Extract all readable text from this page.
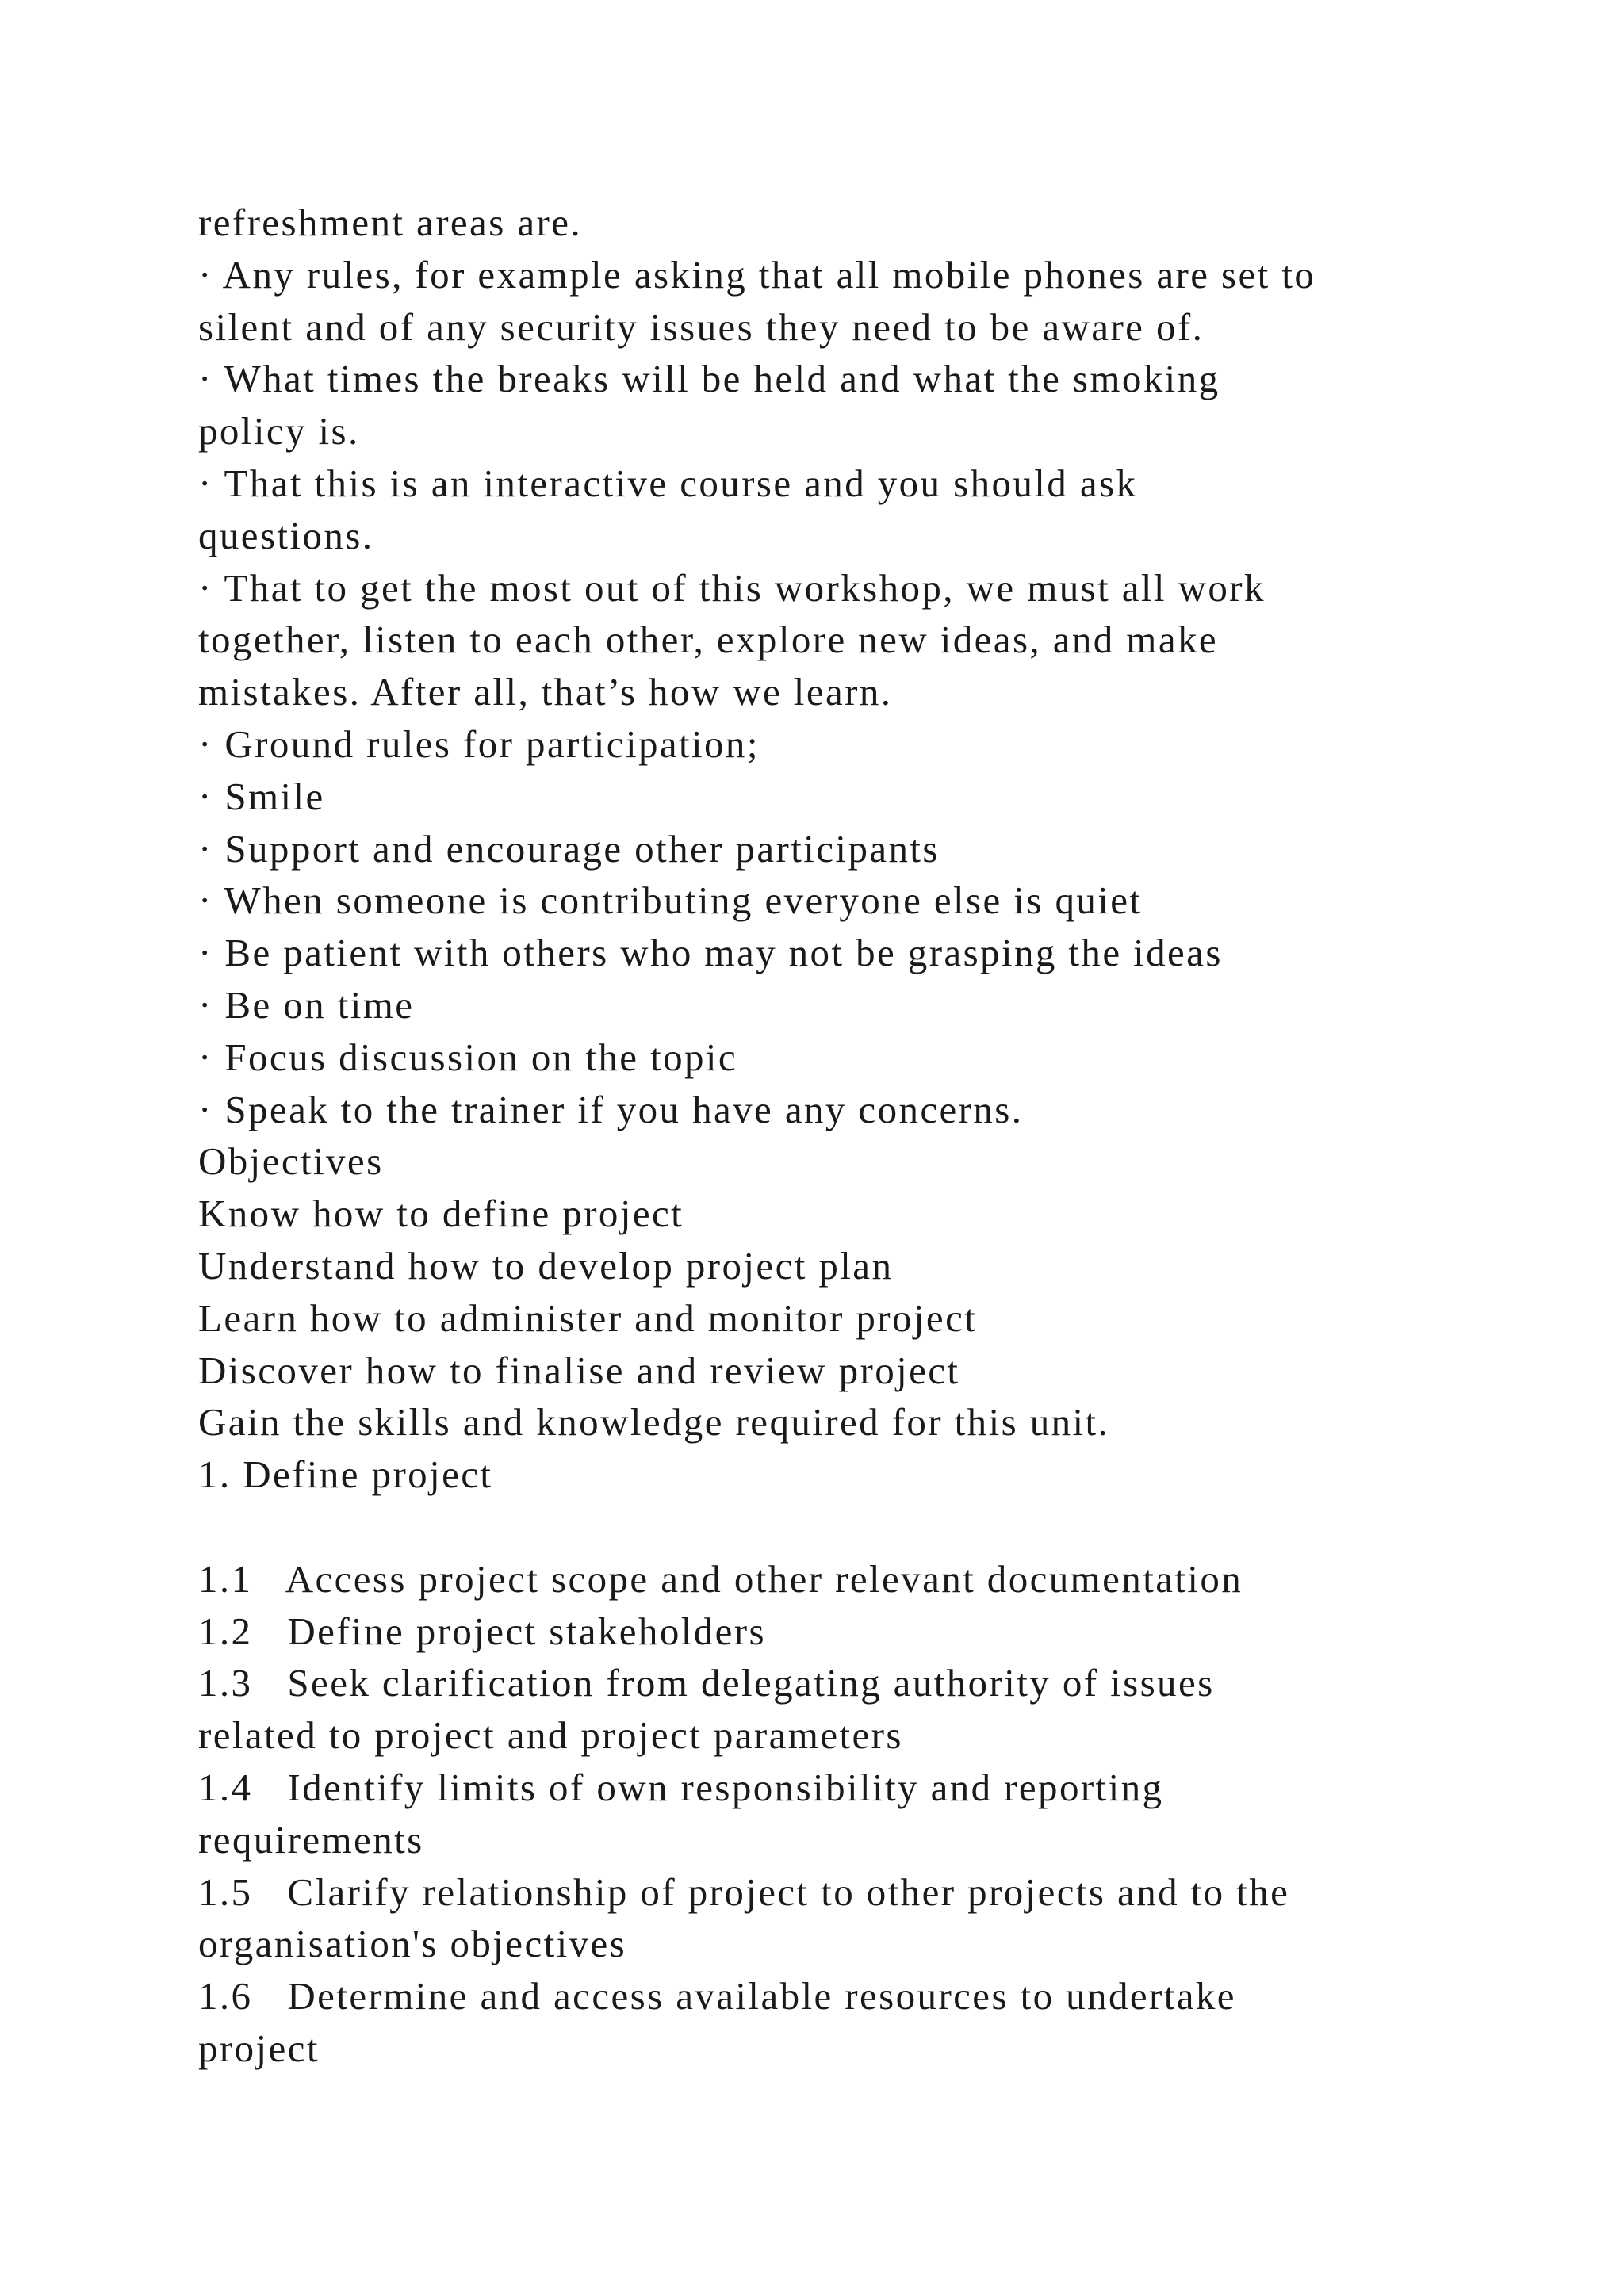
refreshment areas are.
· Any rules, for example asking that all mobile phones are set to
silent and of any security issues they need to be aware of.
· What times the breaks will be held and what the smoking
policy is.
· That this is an interactive course and you should ask
questions.
· That to get the most out of this workshop, we must all work
together, listen to each other, explore new ideas, and make
mistakes. After all, that’s how we learn.
· Ground rules for participation;
· Smile
· Support and encourage other participants
· When someone is contributing everyone else is quiet
· Be patient with others who may not be grasping the ideas
· Be on time
· Focus discussion on the topic
· Speak to the trainer if you have any concerns.
Objectives
Know how to define project
Understand how to develop project plan
Learn how to administer and monitor project
Discover how to finalise and review project
Gain the skills and knowledge required for this unit.
1. Define project
1.1   Access project scope and other relevant documentation
1.2   Define project stakeholders
1.3   Seek clarification from delegating authority of issues
related to project and project parameters
1.4   Identify limits of own responsibility and reporting
requirements
1.5   Clarify relationship of project to other projects and to the
organisation's objectives
1.6   Determine and access available resources to undertake
project
